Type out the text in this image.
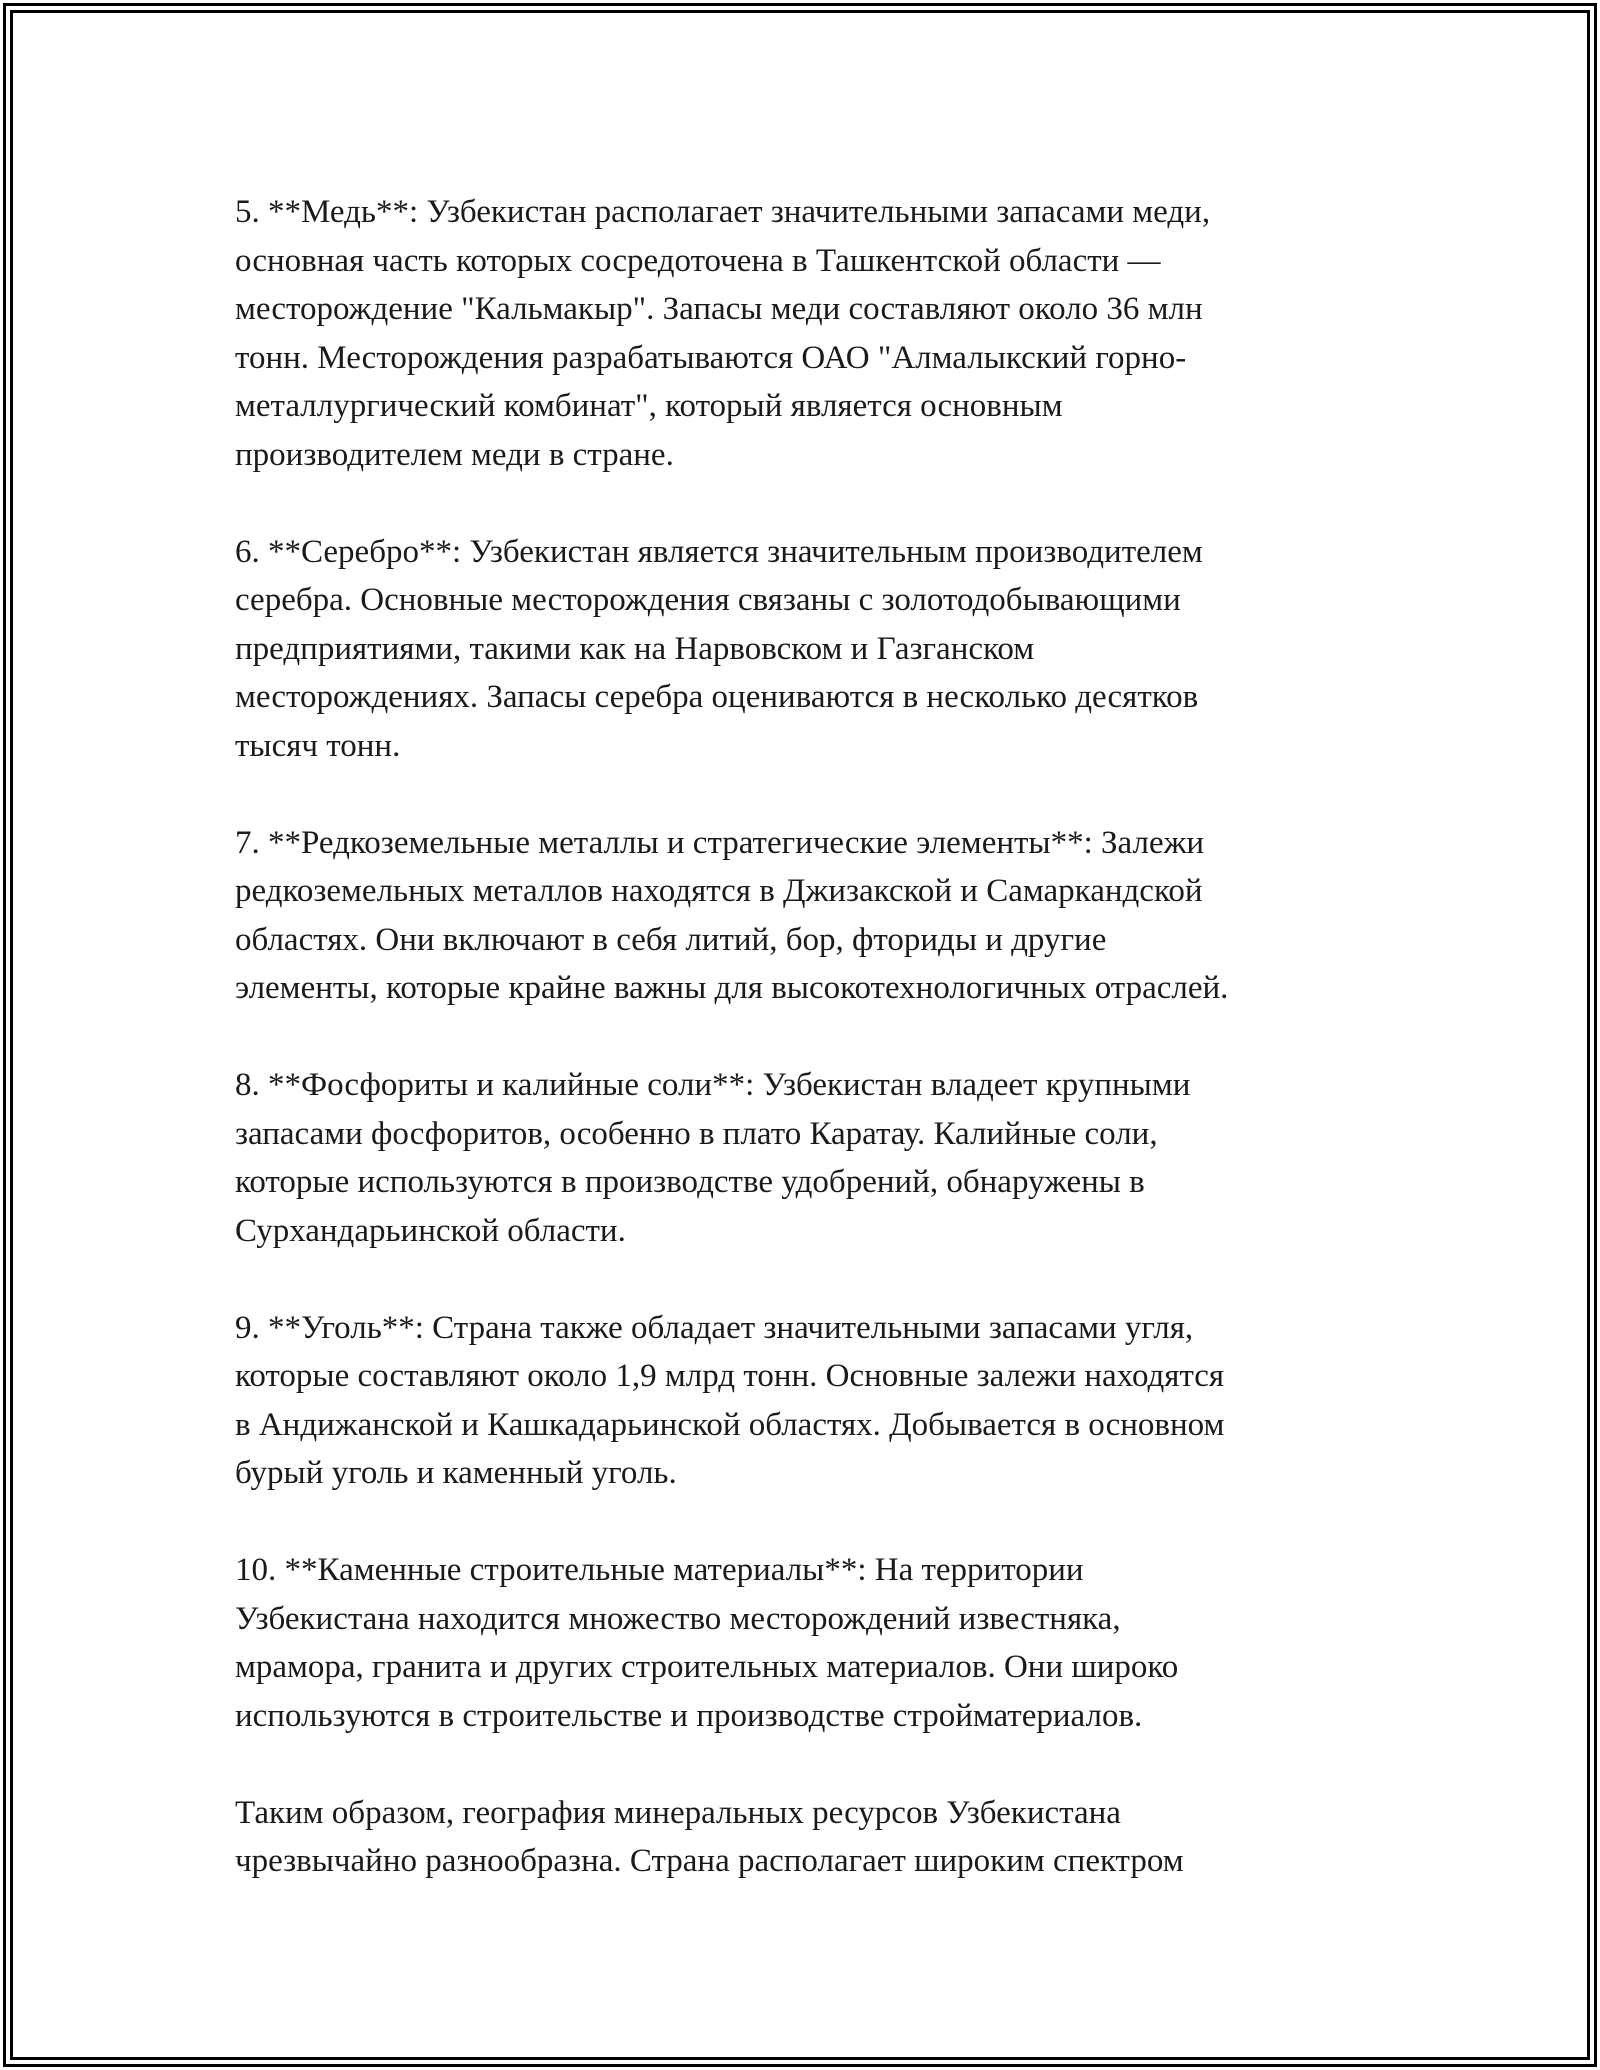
5. **Медь**: Узбекистан располагает значительными запасами меди,
основная часть которых сосредоточена в Ташкентской области —
месторождение "Кальмакыр". Запасы меди составляют около 36 млн
тонн. Месторождения разрабатываются ОАО "Алмалыкский горно-
металлургический комбинат", который является основным
производителем меди в стране.

6. **Серебро**: Узбекистан является значительным производителем
серебра. Основные месторождения связаны с золотодобывающими
предприятиями, такими как на Нарвовском и Газганском
месторождениях. Запасы серебра оцениваются в несколько десятков
тысяч тонн.

7. **Редкоземельные металлы и стратегические элементы**: Залежи
редкоземельных металлов находятся в Джизакской и Самаркандской
областях. Они включают в себя литий, бор, фториды и другие
элементы, которые крайне важны для высокотехнологичных отраслей.

8. **Фосфориты и калийные соли**: Узбекистан владеет крупными
запасами фосфоритов, особенно в плато Каратау. Калийные соли,
которые используются в производстве удобрений, обнаружены в
Сурхандарьинской области.

9. **Уголь**: Страна также обладает значительными запасами угля,
которые составляют около 1,9 млрд тонн. Основные залежи находятся
в Андижанской и Кашкадарьинской областях. Добывается в основном
бурый уголь и каменный уголь.

10. **Каменные строительные материалы**: На территории
Узбекистана находится множество месторождений известняка,
мрамора, гранита и других строительных материалов. Они широко
используются в строительстве и производстве стройматериалов.

Таким образом, география минеральных ресурсов Узбекистана
чрезвычайно разнообразна. Страна располагает широким спектром
